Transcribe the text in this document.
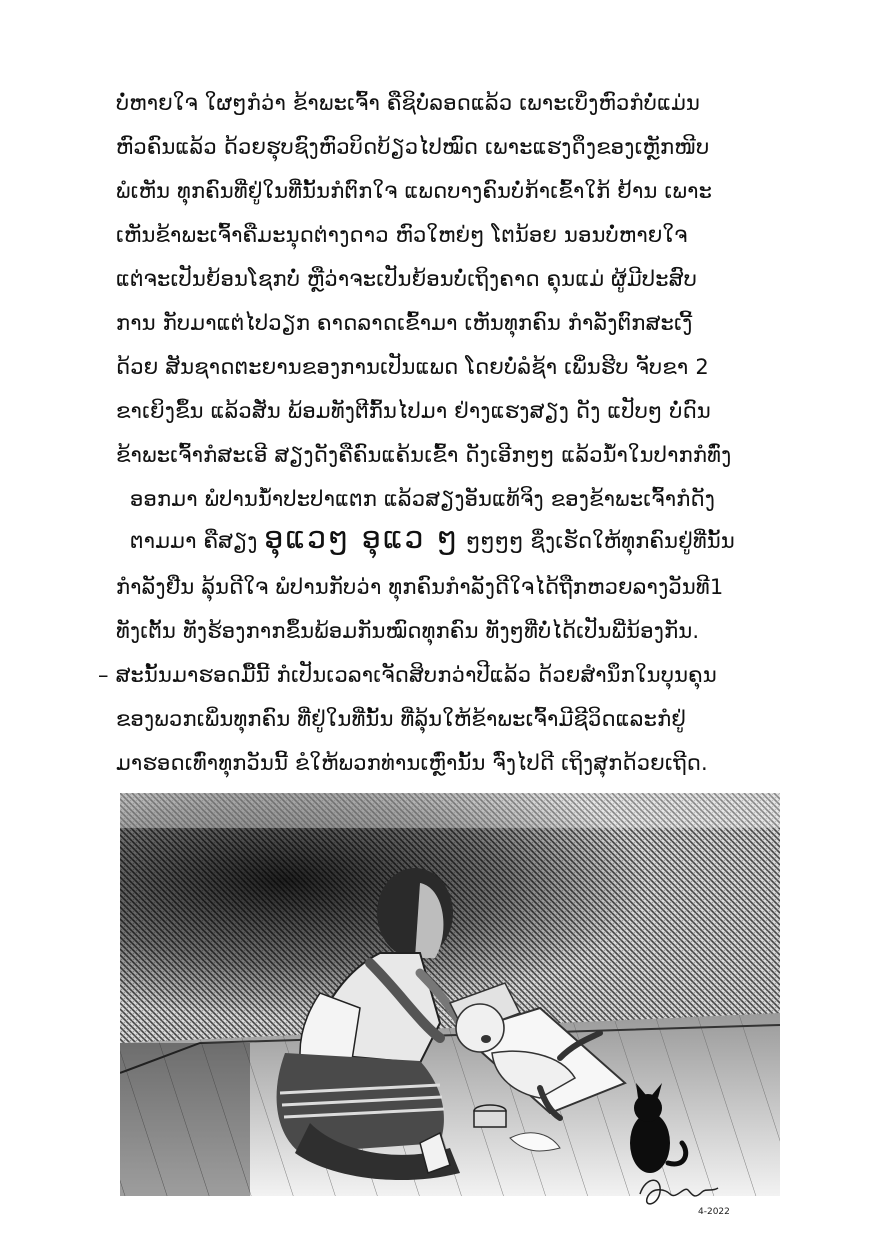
ບໍ່ຫາຍໃຈ ໃຜໆກໍວ່າ ຂ້າພະເຈົ້າ ຄືຊິບໍ່ລອດແລ້ວ ເພາະເບິ່ງຫົວກໍບໍ່ແມ່ນ
ຫົວຄົນແລ້ວ ດ້ວຍຮຸບຊົງຫົວບິດບ້ຽວໄປໝົດ ເພາະແຮງດຶງຂອງເຫຼັກໜີບ
ພໍເຫັນ ທຸກຄົນທີ່ຢູ່ໃນທີ່ນັ້ນກໍຕົກໃຈ ແພດບາງຄົນບໍ່ກ້າເຂົ້າໃກ້ ຢ້ານ ເພາະ
ເຫັນຂ້າພະເຈົ້າຄືມະນຸດຕ່າງດາວ ຫົວໃຫຍ່ໆ ໂຕນ້ອຍ ນອນບໍ່ຫາຍໃຈ
ແຕ່ຈະເປັນຍ້ອນໂຊກບໍ່ ຫຼືວ່າຈະເປັນຍ້ອນບໍ່ເຖິງຄາດ ຄຸນແມ່ ຜູ້ມີປະສົບ
ການ ກັບມາແຕ່ໄປວຽກ ຄາດລາດເຂົ້າມາ ເຫັນທຸກຄົນ ກຳລັງຕົກສະເງີ້
ດ້ວຍ ສັນຊາດຕະຍານຂອງການເປັນແພດ ໂດຍບໍ່ລໍຊ້າ ເພິ່ນຮີບ ຈັບຂາ 2
ຂາເຍິງຂຶ້ນ ແລ້ວສັ່ນ ພ້ອມທັງຕີກົ້ນໄປມາ ຢ່າງແຮງສຽງ ດັງ ແປັບໆ ບໍ່ດົນ
ຂ້າພະເຈົ້າກໍສະເອີ ສຽງດັງຄືຄົນແຄ້ນເຂົ້າ ດັງເອີກໆໆ ແລ້ວນ້ຳໃນປາກກໍທົ່ງ
ອອກມາ ພໍປານນ້ຳປະປາແຕກ ແລ້ວສຽງອັນແທ້ຈິງ ຂອງຂ້າພະເຈົ້າກໍດັງ
ຕາມມາ ຄືສຽງ ອຸແວໆ ອຸແວ ໆ ໆໆໆໆ ຊຶ່ງເຮັດໃຫ້ທຸກຄົນຢູ່ທີ່ນັ້ນ
ກຳລັງຢືນ ລຸ້ນດີໃຈ ພໍປານກັບວ່າ ທຸກຄົນກຳລັງດີໃຈໄດ້ຖືກຫວຍລາງວັນທີ1
ທັງເຕັ້ນ ທັງຮ້ອງກາກຂຶ້ນພ້ອມກັນໝົດທຸກຄົນ ທັງໆທີ່ບໍ່ໄດ້ເປັນພີ່ນ້ອງກັນ.
– ສະນັ້ນມາຮອດມື້ນີ້ ກໍເປັນເວລາເຈັດສິບກວ່າປີແລ້ວ ດ້ວຍສຳນຶກໃນບຸນຄຸນ
ຂອງພວກເພິ່ນທຸກຄົນ ທີ່ຢູ່ໃນທີ່ນັ້ນ ທີ່ລຸ້ນໃຫ້ຂ້າພະເຈົ້າມີຊີວິດແລະກໍຢູ່
ມາຮອດເທົ່າທຸກວັນນີ້ ຂໍໃຫ້ພວກທ່ານເຫຼົ່ານັ້ນ ຈົ່ງໄປດີ ເຖິງສຸກດ້ວຍເຖີດ.
4-2022
